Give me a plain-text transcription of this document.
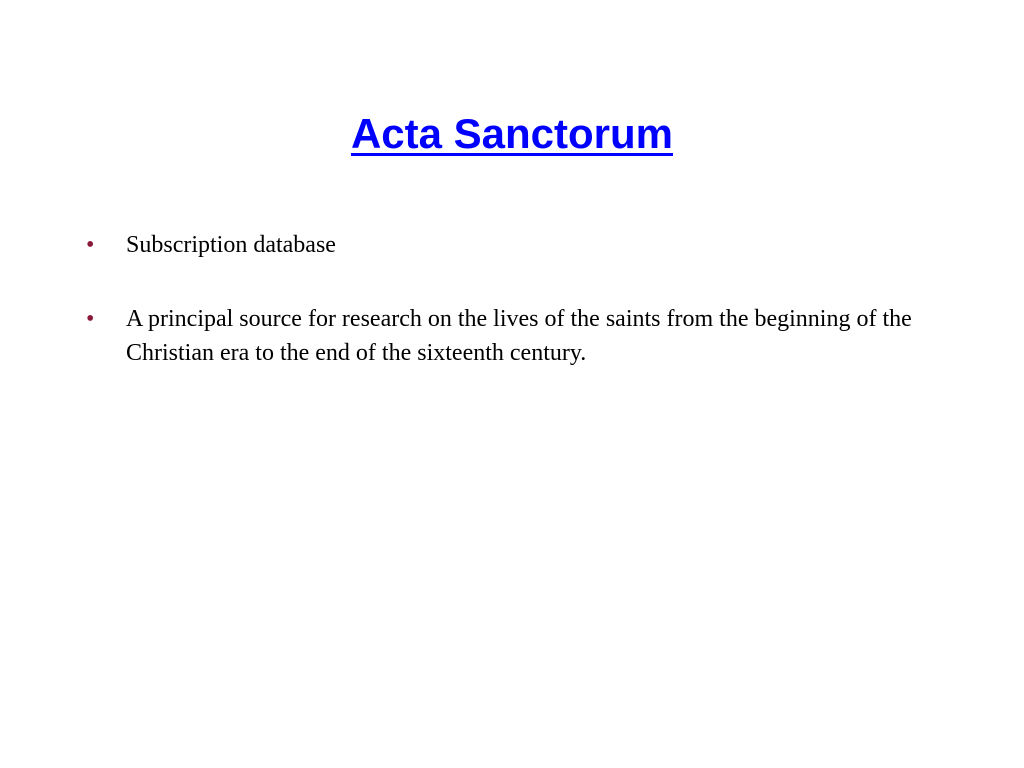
Acta Sanctorum
• Subscription database
• A principal source for research on the lives of the saints from the beginning of the Christian era to the end of the sixteenth century.
